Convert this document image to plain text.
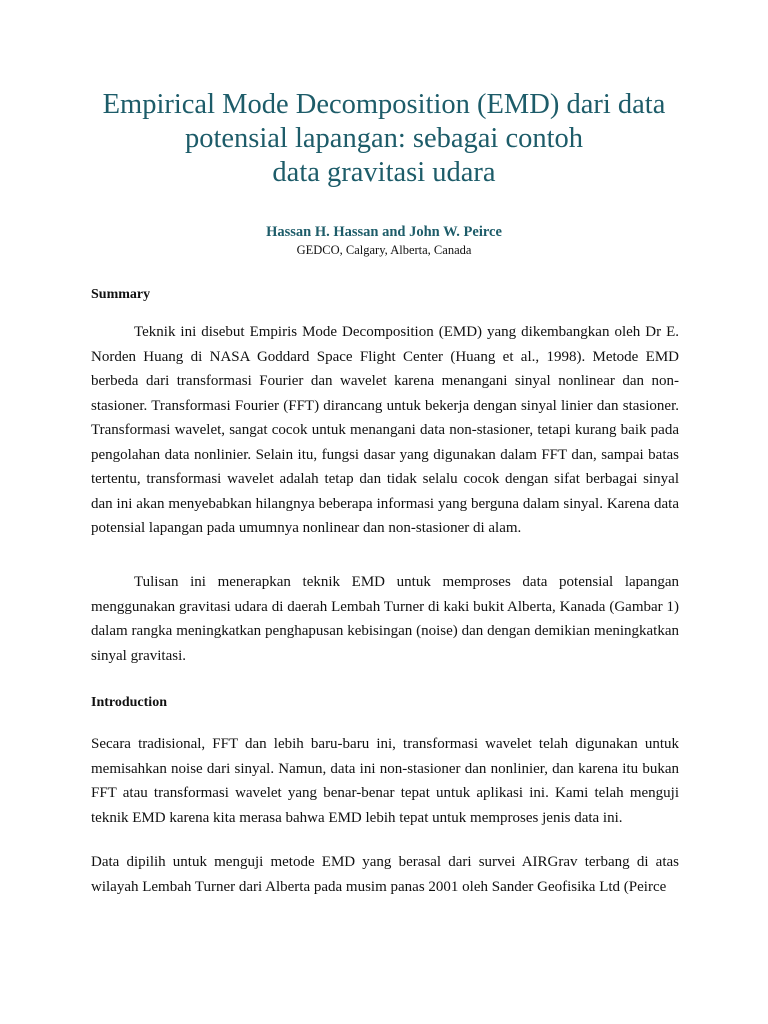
Empirical Mode Decomposition (EMD) dari data
potensial lapangan: sebagai contoh
data gravitasi udara
Hassan H. Hassan and John W. Peirce
GEDCO, Calgary, Alberta, Canada
Summary

Teknik ini disebut Empiris Mode Decomposition (EMD) yang dikembangkan oleh Dr E. Norden Huang di NASA Goddard Space Flight Center (Huang et al., 1998). Metode EMD berbeda dari transformasi Fourier dan wavelet karena menangani sinyal nonlinear dan non-stasioner. Transformasi Fourier (FFT) dirancang untuk bekerja dengan sinyal linier dan stasioner. Transformasi wavelet, sangat cocok untuk menangani data non-stasioner, tetapi kurang baik pada pengolahan data nonlinier. Selain itu, fungsi dasar yang digunakan dalam FFT dan, sampai batas tertentu, transformasi wavelet adalah tetap dan tidak selalu cocok dengan sifat berbagai sinyal dan ini akan menyebabkan hilangnya beberapa informasi yang berguna dalam sinyal. Karena data potensial lapangan pada umumnya nonlinear dan non-stasioner di alam.

Tulisan ini menerapkan teknik EMD untuk memproses data potensial lapangan menggunakan gravitasi udara di daerah Lembah Turner di kaki bukit Alberta, Kanada (Gambar 1) dalam rangka meningkatkan penghapusan kebisingan (noise) dan dengan demikian meningkatkan sinyal gravitasi.

Introduction

Secara tradisional, FFT dan lebih baru-baru ini, transformasi wavelet telah digunakan untuk memisahkan noise dari sinyal. Namun, data ini non-stasioner dan nonlinier, dan karena itu bukan FFT atau transformasi wavelet yang benar-benar tepat untuk aplikasi ini. Kami telah menguji teknik EMD karena kita merasa bahwa EMD lebih tepat untuk memproses jenis data ini.

Data dipilih untuk menguji metode EMD yang berasal dari survei AIRGrav terbang di atas wilayah Lembah Turner dari Alberta pada musim panas 2001 oleh Sander Geofisika Ltd (Peirce
